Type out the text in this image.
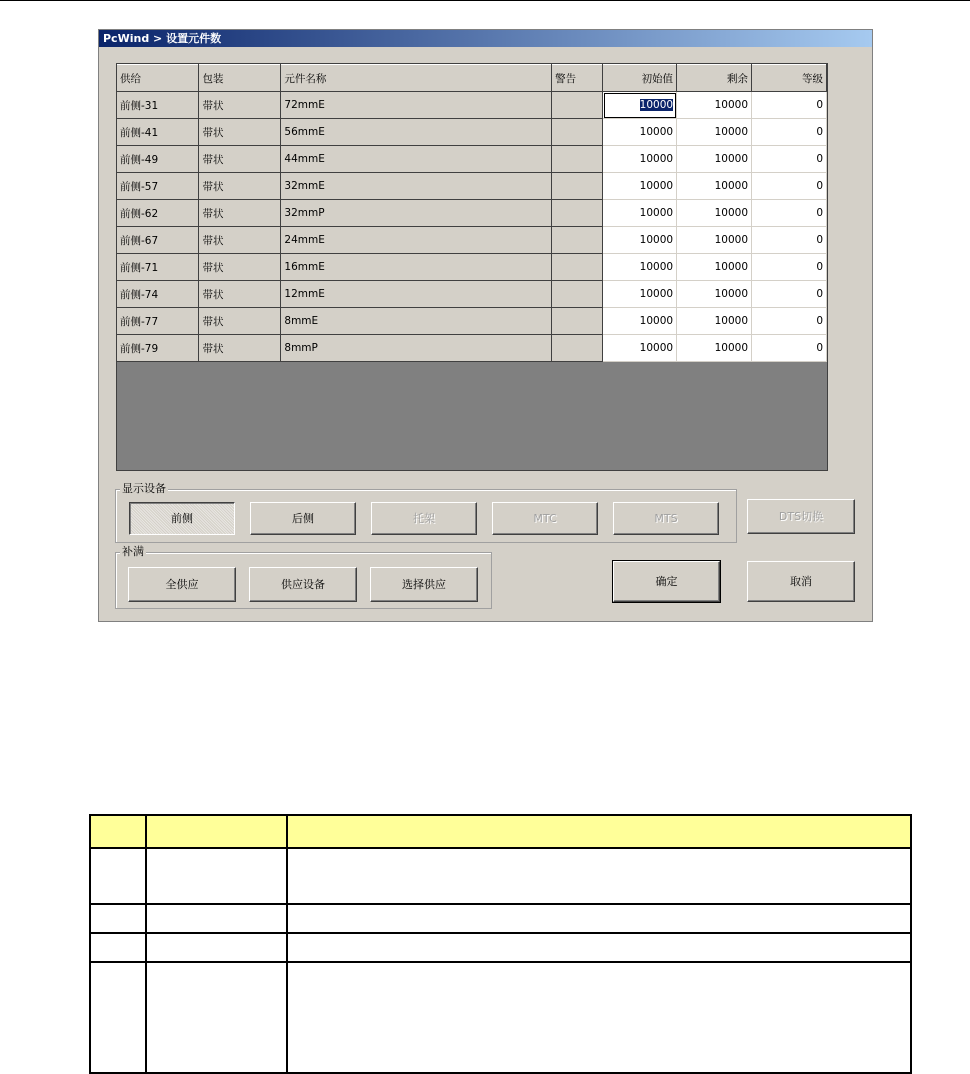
PcWind > 设置元件数
供给	包装	元件名称	警告	初始值	剩余	等级
前侧-31	带状	72mmE		10000	10000	0
前侧-41	带状	56mmE		10000	10000	0
前侧-49	带状	44mmE		10000	10000	0
前侧-57	带状	32mmE		10000	10000	0
前侧-62	带状	32mmP		10000	10000	0
前侧-67	带状	24mmE		10000	10000	0
前侧-71	带状	16mmE		10000	10000	0
前侧-74	带状	12mmE		10000	10000	0
前侧-77	带状	8mmE		10000	10000	0
前侧-79	带状	8mmP		10000	10000	0
显示设备
前侧	后侧	托架	MTC	MTS	DTS切换
补满
全供应	供应设备	选择供应	确定	取消
